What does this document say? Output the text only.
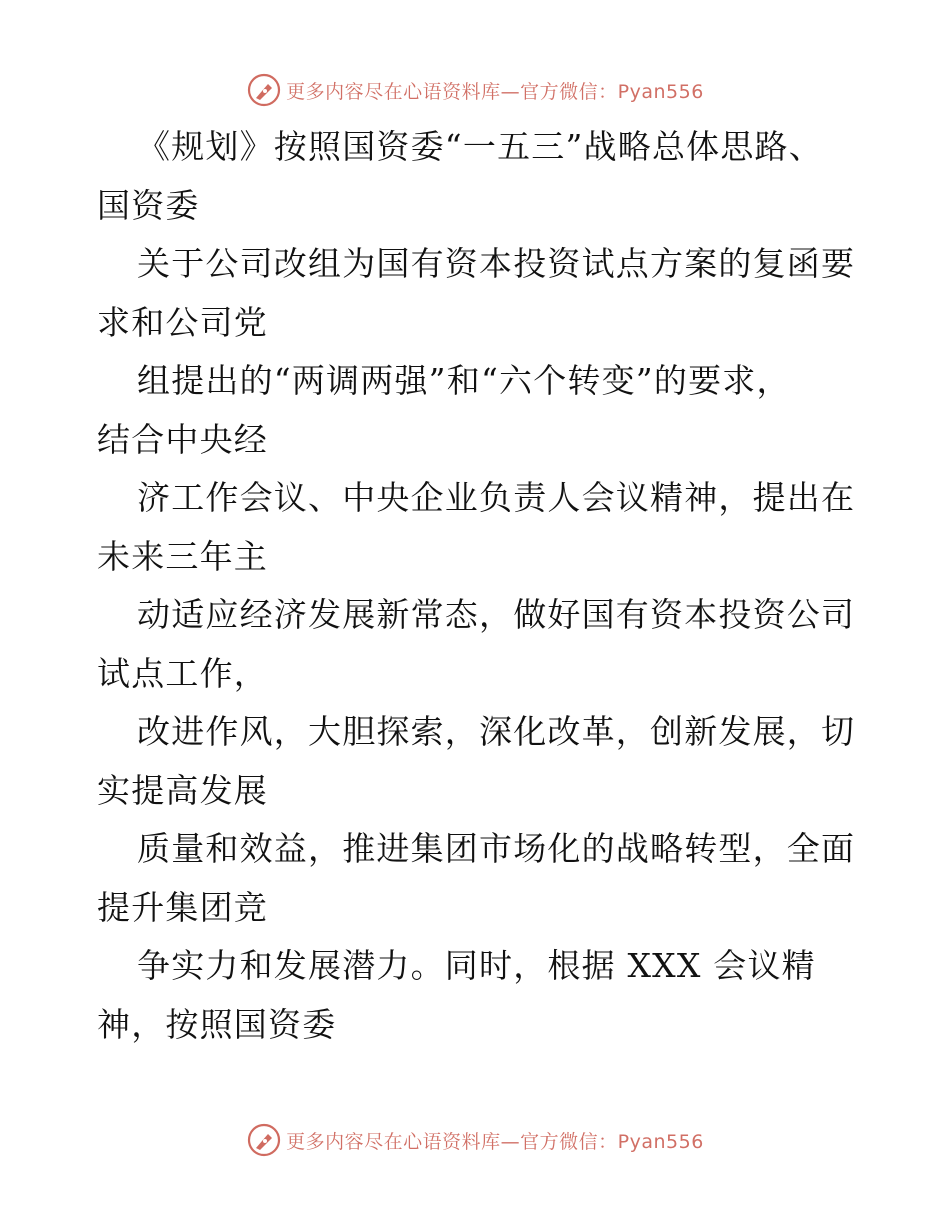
更多内容尽在心语资料库—官方微信：Pyan556
《规划》按照国资委“一五三”战略总体思路、
国资委
关于公司改组为国有资本投资试点方案的复函要
求和公司党
组提出的“两调两强”和“六个转变”的要求，
结合中央经
济工作会议、中央企业负责人会议精神，提出在
未来三年主
动适应经济发展新常态，做好国有资本投资公司
试点工作，
改进作风，大胆探索，深化改革，创新发展，切
实提高发展
质量和效益，推进集团市场化的战略转型，全面
提升集团竞
争实力和发展潜力。同时，根据 XXX 会议精
神，按照国资委
更多内容尽在心语资料库—官方微信：Pyan556
